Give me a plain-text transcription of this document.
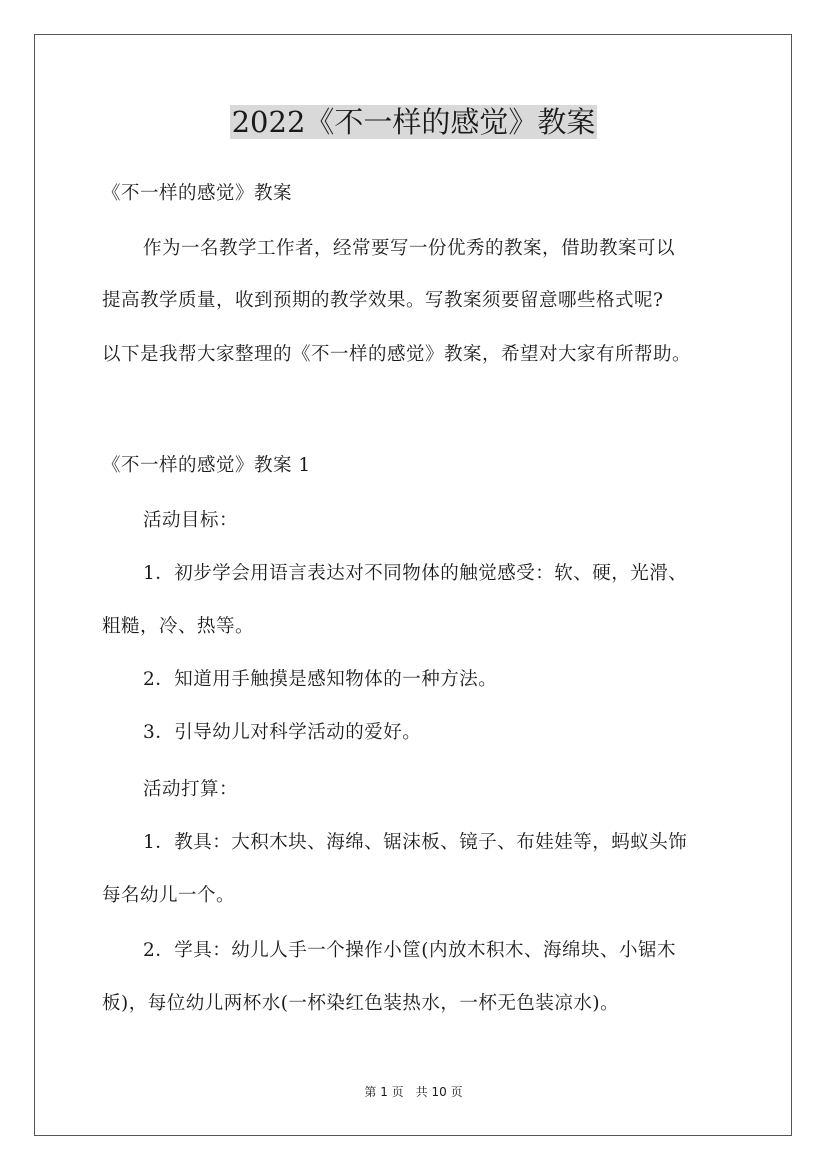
2022《不一样的感觉》教案
《不一样的感觉》教案
作为一名教学工作者，经常要写一份优秀的教案，借助教案可以
提高教学质量，收到预期的教学效果。写教案须要留意哪些格式呢?
以下是我帮大家整理的《不一样的感觉》教案，希望对大家有所帮助。
《不一样的感觉》教案 1
活动目标：
1．初步学会用语言表达对不同物体的触觉感受：软、硬，光滑、
粗糙，冷、热等。
2．知道用手触摸是感知物体的一种方法。
3．引导幼儿对科学活动的爱好。
活动打算：
1．教具：大积木块、海绵、锯沫板、镜子、布娃娃等，蚂蚁头饰
每名幼儿一个。
2．学具：幼儿人手一个操作小筐(内放木积木、海绵块、小锯木
板)，每位幼儿两杯水(一杯染红色装热水，一杯无色装凉水)。
第 1 页　共 10 页
